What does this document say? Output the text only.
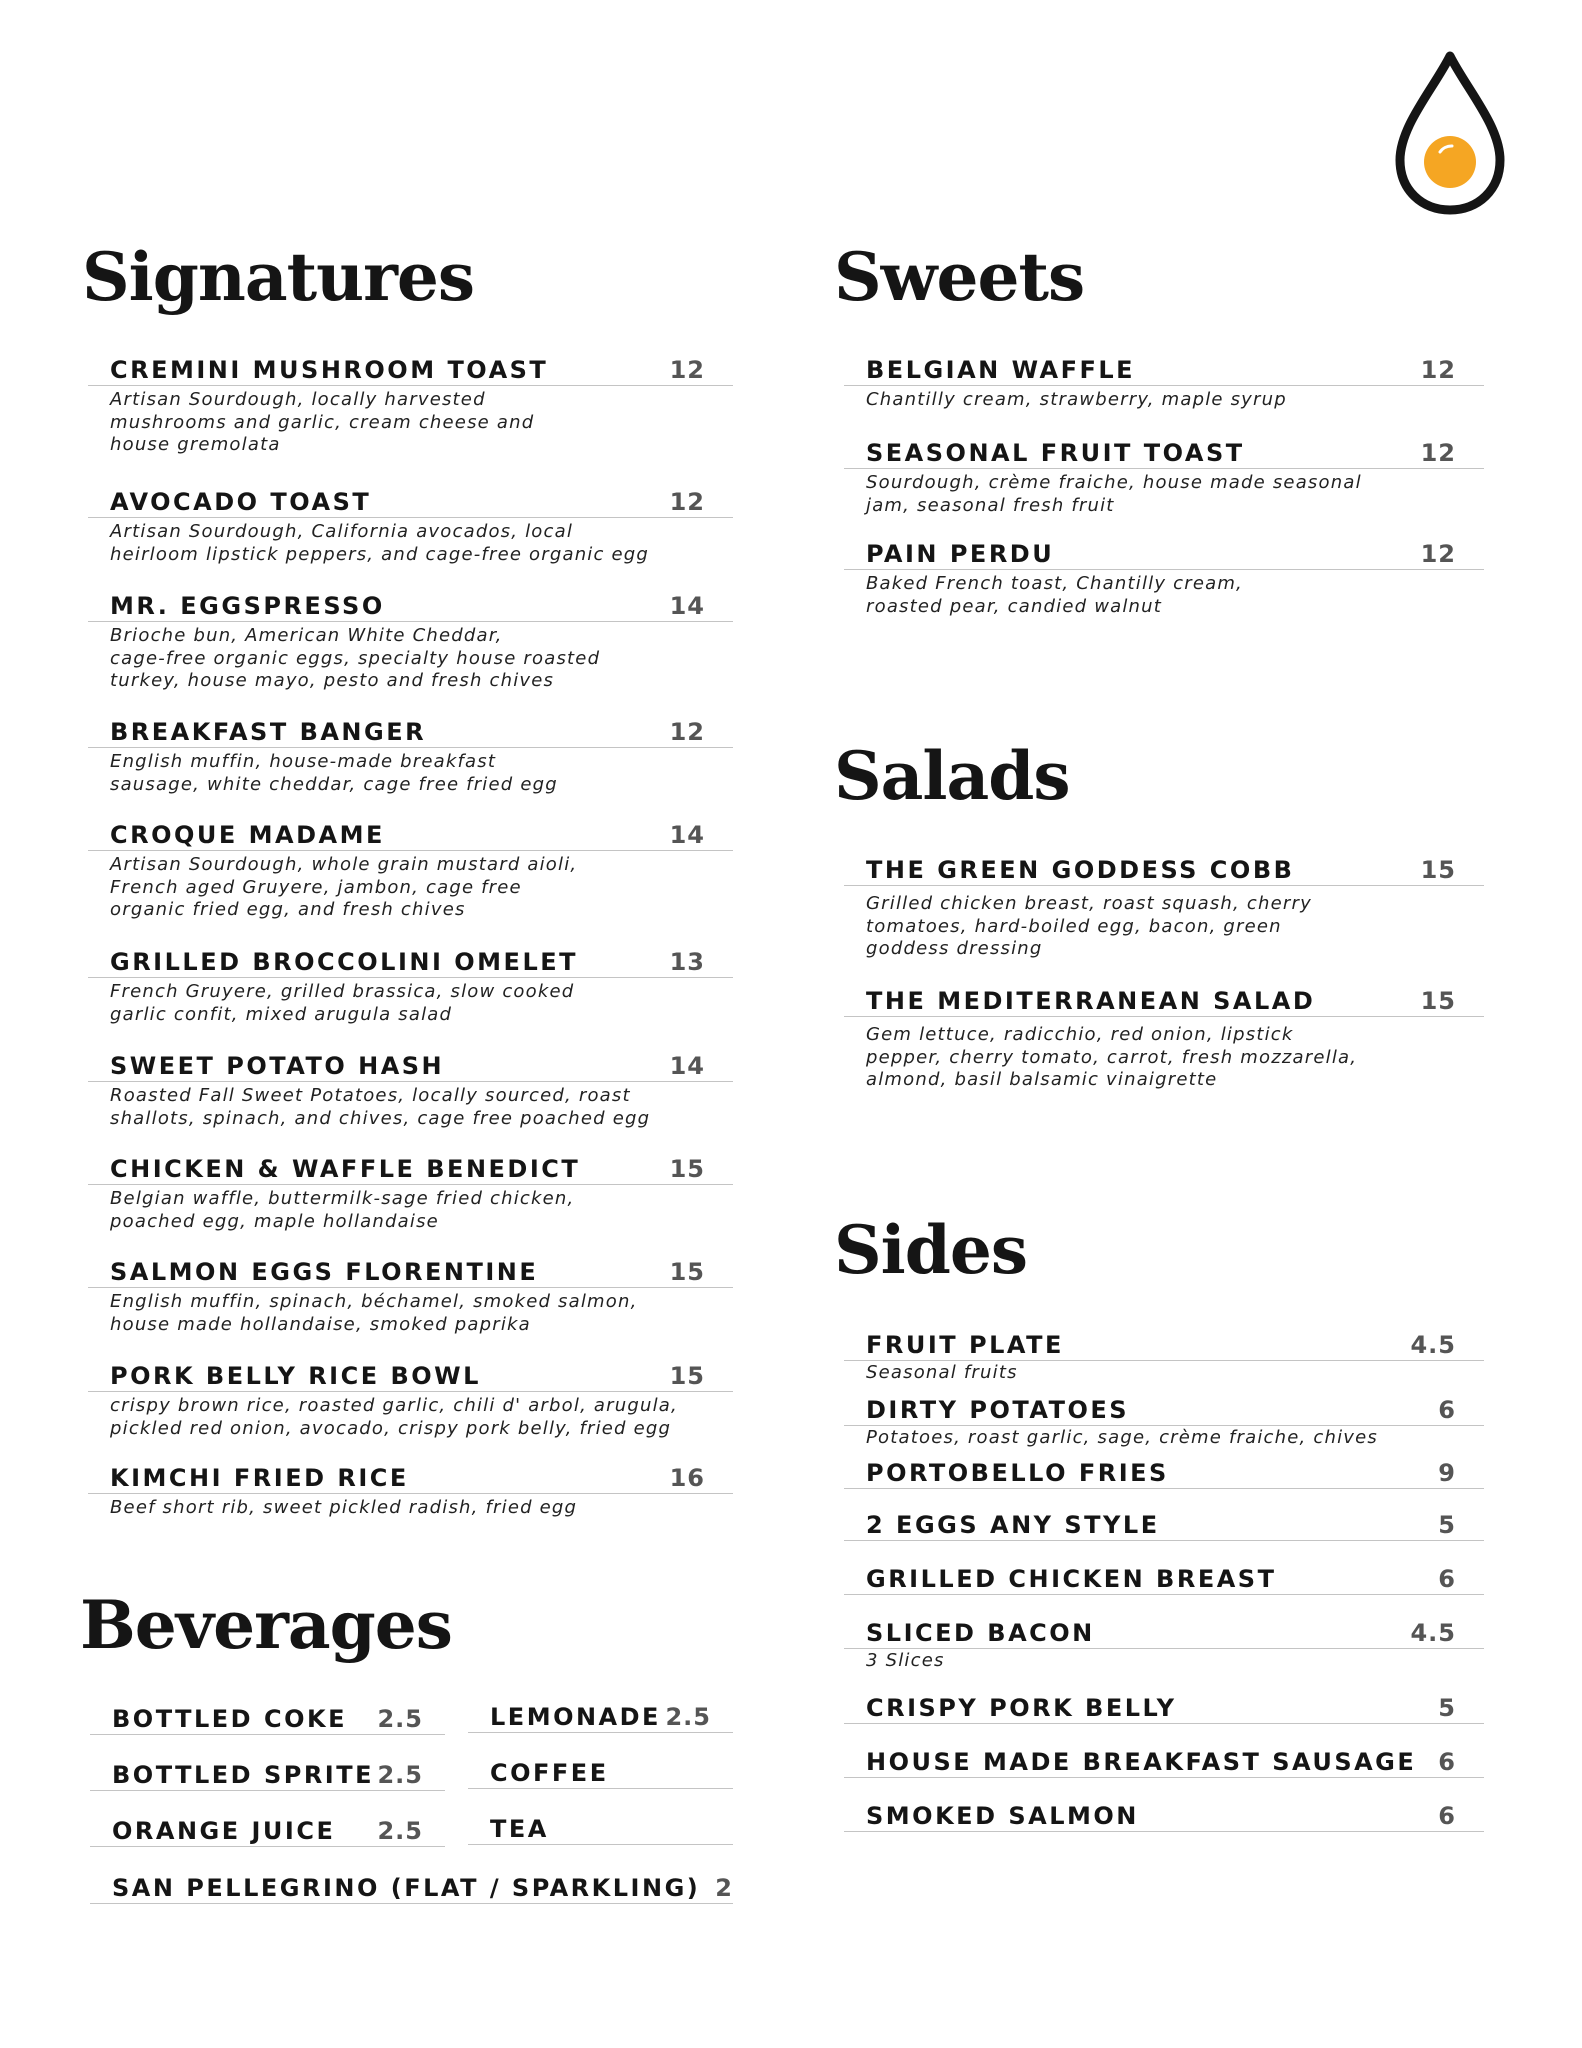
Signatures	Sweets
Salads
Sides
Beverages
CREMINI MUSHROOM TOAST	12
Artisan Sourdough, locally harvested
mushrooms and garlic, cream cheese and
house gremolata
AVOCADO TOAST	12
Artisan Sourdough, California avocados, local
heirloom lipstick peppers, and cage-free organic egg
MR. EGGSPRESSO	14
Brioche bun, American White Cheddar,
cage-free organic eggs, specialty house roasted
turkey, house mayo, pesto and fresh chives
BREAKFAST BANGER	12
English muffin, house-made breakfast
sausage, white cheddar, cage free fried egg
CROQUE MADAME	14
Artisan Sourdough, whole grain mustard aioli,
French aged Gruyere, jambon, cage free
organic fried egg, and fresh chives
GRILLED BROCCOLINI OMELET	13
French Gruyere, grilled brassica, slow cooked
garlic confit, mixed arugula salad
SWEET POTATO HASH	14
Roasted Fall Sweet Potatoes, locally sourced, roast
shallots, spinach, and chives, cage free poached egg
CHICKEN & WAFFLE BENEDICT	15
Belgian waffle, buttermilk-sage fried chicken,
poached egg, maple hollandaise
SALMON EGGS FLORENTINE	15
English muffin, spinach, béchamel, smoked salmon,
house made hollandaise, smoked paprika
PORK BELLY RICE BOWL	15
crispy brown rice, roasted garlic, chili d' arbol, arugula,
pickled red onion, avocado, crispy pork belly, fried egg
KIMCHI FRIED RICE	16
Beef short rib, sweet pickled radish, fried egg
BELGIAN WAFFLE	12
Chantilly cream, strawberry, maple syrup
SEASONAL FRUIT TOAST	12
Sourdough, crème fraiche, house made seasonal
jam, seasonal fresh fruit
PAIN PERDU	12
Baked French toast, Chantilly cream,
roasted pear, candied walnut
THE GREEN GODDESS COBB	15
Grilled chicken breast, roast squash, cherry
tomatoes, hard-boiled egg, bacon, green
goddess dressing
THE MEDITERRANEAN SALAD	15
Gem lettuce, radicchio, red onion, lipstick
pepper, cherry tomato, carrot, fresh mozzarella,
almond, basil balsamic vinaigrette
FRUIT PLATE	4.5
Seasonal fruits
DIRTY POTATOES	6
Potatoes, roast garlic, sage, crème fraiche, chives
PORTOBELLO FRIES	9
2 EGGS ANY STYLE	5
GRILLED CHICKEN BREAST	6
SLICED BACON	4.5
3 Slices
CRISPY PORK BELLY	5
HOUSE MADE BREAKFAST SAUSAGE 6
SMOKED SALMON	6
BOTTLED COKE 2.5	LEMONADE 2.5
BOTTLED SPRITE 2.5	COFFEE
ORANGE JUICE 2.5	TEA
SAN PELLEGRINO (FLAT / SPARKLING) 2
